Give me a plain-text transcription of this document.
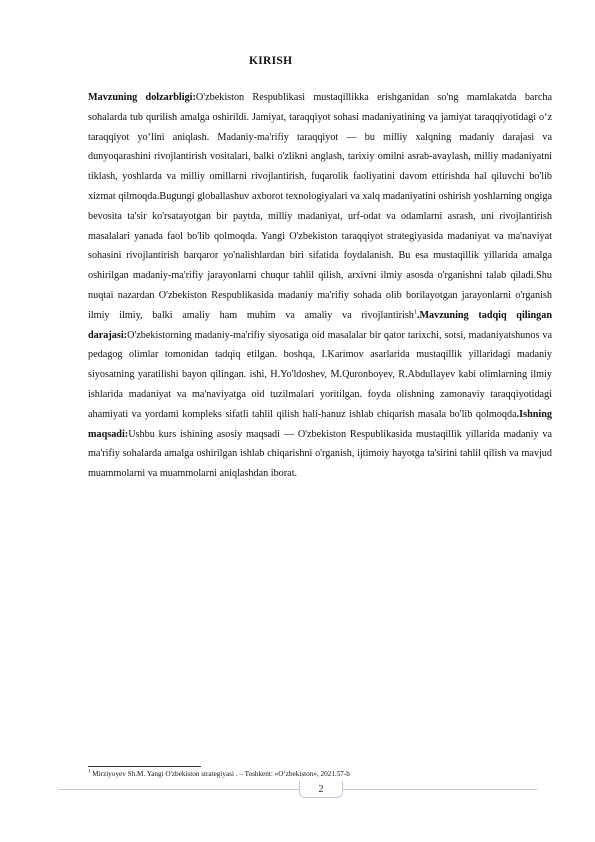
KIRISH
Mavzuning dolzarbligi:O'zbekiston Respublikasi mustaqillikka erishganidan so'ng mamlakatda barcha sohalarda tub qurilish amalga oshirildi. Jamiyat, taraqqiyot sohasi madaniyatining va jamiyat taraqqiyotidagi o‘z taraqqiyot yo‘lini aniqlash. Madaniy-ma'rifiy taraqqiyot — bu milliy xalqning madaniy darajasi va dunyoqarashini rivojlantirish vositalari, balki o'zlikni anglash, tarixiy omilni asrab-avaylash, milliy madaniyatni tiklash, yoshlarda va milliy omillarni rivojlantirish, fuqarolik faoliyatini davom ettirishda hal qiluvchi bo'lib xizmat qilmoqda.Bugungi globallashuv axborot texnologiyalari va xalq madaniyatini oshirish yoshlarning ongiga bevosita ta'sir ko'rsatayotgan bir paytda, milliy madaniyat, urf-odat va odamlarni asrash, uni rivojlantirish masalalari yanada faol bo'lib qolmoqda. Yangi O'zbekiston taraqqiyot strategiyasida madaniyat va ma'naviyat sohasini rivojlantirish barqaror yo'nalishlardan biri sifatida foydalanish. Bu esa mustaqillik yillarida amalga oshirilgan madaniy-ma'rifiy jarayonlarni chuqur tahlil qilish, arxivni ilmiy asosda o'rganishni talab qiladi.Shu nuqtai nazardan O'zbekiston Respublikasida madaniy ma'rifiy sohada olib borilayotgan jarayonlarni o'rganish ilmiy ilmiy, balki amaliy ham muhim va amaliy va rivojlantirish$^1$.Mavzuning tadqiq qilingan darajasi:O'zbekistorning madaniy-ma'rifiy siyosatiga oid masalalar bir qator tarixchi, sotsi, madaniyatshunos va pedagog olimlar tomonidan tadqiq etilgan. boshqa, I.Karimov asarlarida mustaqillik yillaridagi madaniy siyosatning yaratilishi bayon qilingan. ishi, H.Yo'ldoshev, M.Quronboyev, R.Abdullayev kabi olimlarning ilmiy ishlarida madaniyat va ma'naviyatga oid tuzilmalari yoritilgan. foyda olishning zamonaviy taraqqiyotidagi ahamiyati va yordami kompleks sifatli tahlil qilish hali-hanuz ishlab chiqarish masala bo'lib qolmoqda.Ishning maqsadi:Ushbu kurs ishining asosiy maqsadi — O'zbekiston Respublikasida mustaqillik yillarida madaniy va ma'rifiy sohalarda amalga oshirilgan ishlab chiqarishni o'rganish, ijtimoiy hayotga ta'sirini tahlil qilish va mavjud muammolarni va muammolarni aniqlashdan iborat.
$^1$ Mirziyoyev Sh.M. Yangi O'zbekiston strategiyasi . – Toshkent: «O‘zbekiston», 2021.57-b
2
